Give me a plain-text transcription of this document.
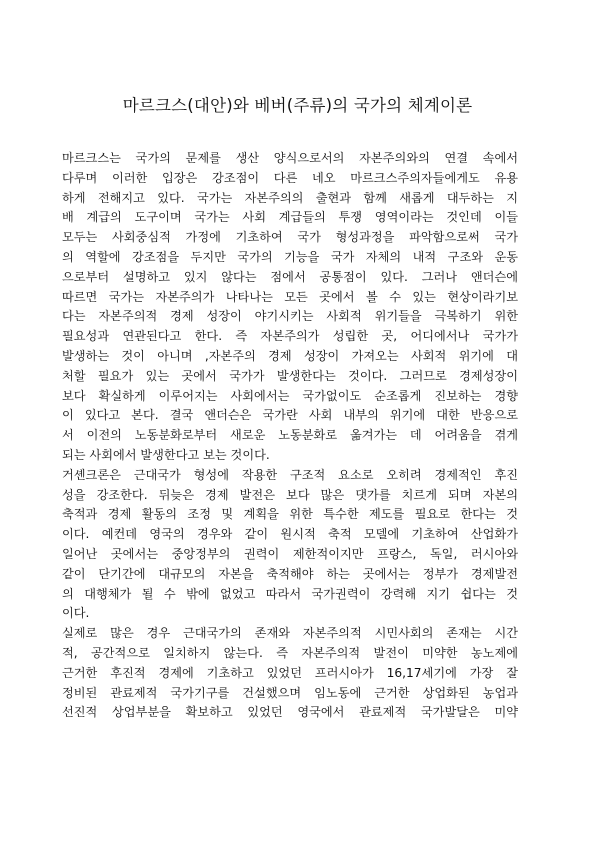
마르크스(대안)와 베버(주류)의 국가의 체계이론
마르크스는 국가의 문제를 생산 양식으로서의 자본주의와의 연결 속에서
다루며 이러한 입장은 강조점이 다른 네오 마르크스주의자들에게도 유용
하게 전해지고 있다. 국가는 자본주의의 출현과 함께 새롭게 대두하는 지
배 계급의 도구이며 국가는 사회 계급들의 투쟁 영역이라는 것인데 이들
모두는 사회중심적 가정에 기초하여 국가 형성과정을 파악함으로써 국가
의 역할에 강조점을 두지만 국가의 기능을 국가 자체의 내적 구조와 운동
으로부터 설명하고 있지 않다는 점에서 공통점이 있다. 그러나 앤더슨에
따르면 국가는 자본주의가 나타나는 모든 곳에서 볼 수 있는 현상이라기보
다는 자본주의적 경제 성장이 야기시키는 사회적 위기들을 극복하기 위한
필요성과 연관된다고 한다. 즉 자본주의가 성립한 곳, 어디에서나 국가가
발생하는 것이 아니며 ,자본주의 경제 성장이 가져오는 사회적 위기에 대
처할 필요가 있는 곳에서 국가가 발생한다는 것이다. 그러므로 경제성장이
보다 확실하게 이루어지는 사회에서는 국가없이도 순조롭게 진보하는 경향
이 있다고 본다. 결국 앤더슨은 국가란 사회 내부의 위기에 대한 반응으로
서 이전의 노동분화로부터 새로운 노동분화로 옮겨가는 데 어려움을 겪게
되는 사회에서 발생한다고 보는 것이다.
거셴크론은 근대국가 형성에 작용한 구조적 요소로 오히려 경제적인 후진
성을 강조한다. 뒤늦은 경제 발전은 보다 많은 댓가를 치르게 되며 자본의
축적과 경제 활동의 조정 및 계획을 위한 특수한 제도를 필요로 한다는 것
이다. 예컨데 영국의 경우와 같이 원시적 축적 모델에 기초하여 산업화가
일어난 곳에서는 중앙정부의 권력이 제한적이지만 프랑스, 독일, 러시아와
같이 단기간에 대규모의 자본을 축적해야 하는 곳에서는 정부가 경제발전
의 대행체가 될 수 밖에 없었고 따라서 국가권력이 강력해 지기 쉽다는 것
이다.
실제로 많은 경우 근대국가의 존재와 자본주의적 시민사회의 존재는 시간
적, 공간적으로 일치하지 않는다. 즉 자본주의적 발전이 미약한 농노제에
근거한 후진적 경제에 기초하고 있었던 프러시아가 16,17세기에 가장 잘
정비된 관료제적 국가기구를 건설했으며 임노동에 근거한 상업화된 농업과
선진적 상업부분을 확보하고 있었던 영국에서 관료제적 국가발달은 미약
